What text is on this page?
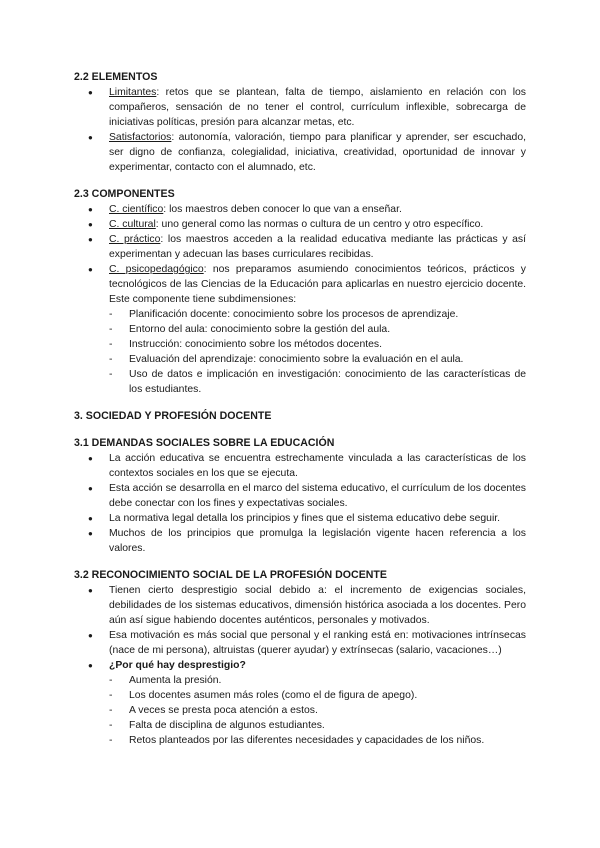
2.2 ELEMENTOS
● Limitantes: retos que se plantean, falta de tiempo, aislamiento en relación con los compañeros, sensación de no tener el control, currículum inflexible, sobrecarga de iniciativas políticas, presión para alcanzar metas, etc.
● Satisfactorios: autonomía, valoración, tiempo para planificar y aprender, ser escuchado, ser digno de confianza, colegialidad, iniciativa, creatividad, oportunidad de innovar y experimentar, contacto con el alumnado, etc.
2.3 COMPONENTES
● C. científico: los maestros deben conocer lo que van a enseñar.
● C. cultural: uno general como las normas o cultura de un centro y otro específico.
● C. práctico: los maestros acceden a la realidad educativa mediante las prácticas y así experimentan y adecuan las bases curriculares recibidas.
● C. psicopedagógico: nos preparamos asumiendo conocimientos teóricos, prácticos y tecnológicos de las Ciencias de la Educación para aplicarlas en nuestro ejercicio docente. Este componente tiene subdimensiones:
- Planificación docente: conocimiento sobre los procesos de aprendizaje.
- Entorno del aula: conocimiento sobre la gestión del aula.
- Instrucción: conocimiento sobre los métodos docentes.
- Evaluación del aprendizaje: conocimiento sobre la evaluación en el aula.
- Uso de datos e implicación en investigación: conocimiento de las características de los estudiantes.
3. SOCIEDAD Y PROFESIÓN DOCENTE
3.1 DEMANDAS SOCIALES SOBRE LA EDUCACIÓN
● La acción educativa se encuentra estrechamente vinculada a las características de los contextos sociales en los que se ejecuta.
● Esta acción se desarrolla en el marco del sistema educativo, el currículum de los docentes debe conectar con los fines y expectativas sociales.
● La normativa legal detalla los principios y fines que el sistema educativo debe seguir.
● Muchos de los principios que promulga la legislación vigente hacen referencia a los valores.
3.2 RECONOCIMIENTO SOCIAL DE LA PROFESIÓN DOCENTE
● Tienen cierto desprestigio social debido a: el incremento de exigencias sociales, debilidades de los sistemas educativos, dimensión histórica asociada a los docentes. Pero aún así sigue habiendo docentes auténticos, personales y motivados.
● Esa motivación es más social que personal y el ranking está en: motivaciones intrínsecas (nace de mi persona), altruistas (querer ayudar) y extrínsecas (salario, vacaciones…)
● ¿Por qué hay desprestigio?
- Aumenta la presión.
- Los docentes asumen más roles (como el de figura de apego).
- A veces se presta poca atención a estos.
- Falta de disciplina de algunos estudiantes.
- Retos planteados por las diferentes necesidades y capacidades de los niños.
